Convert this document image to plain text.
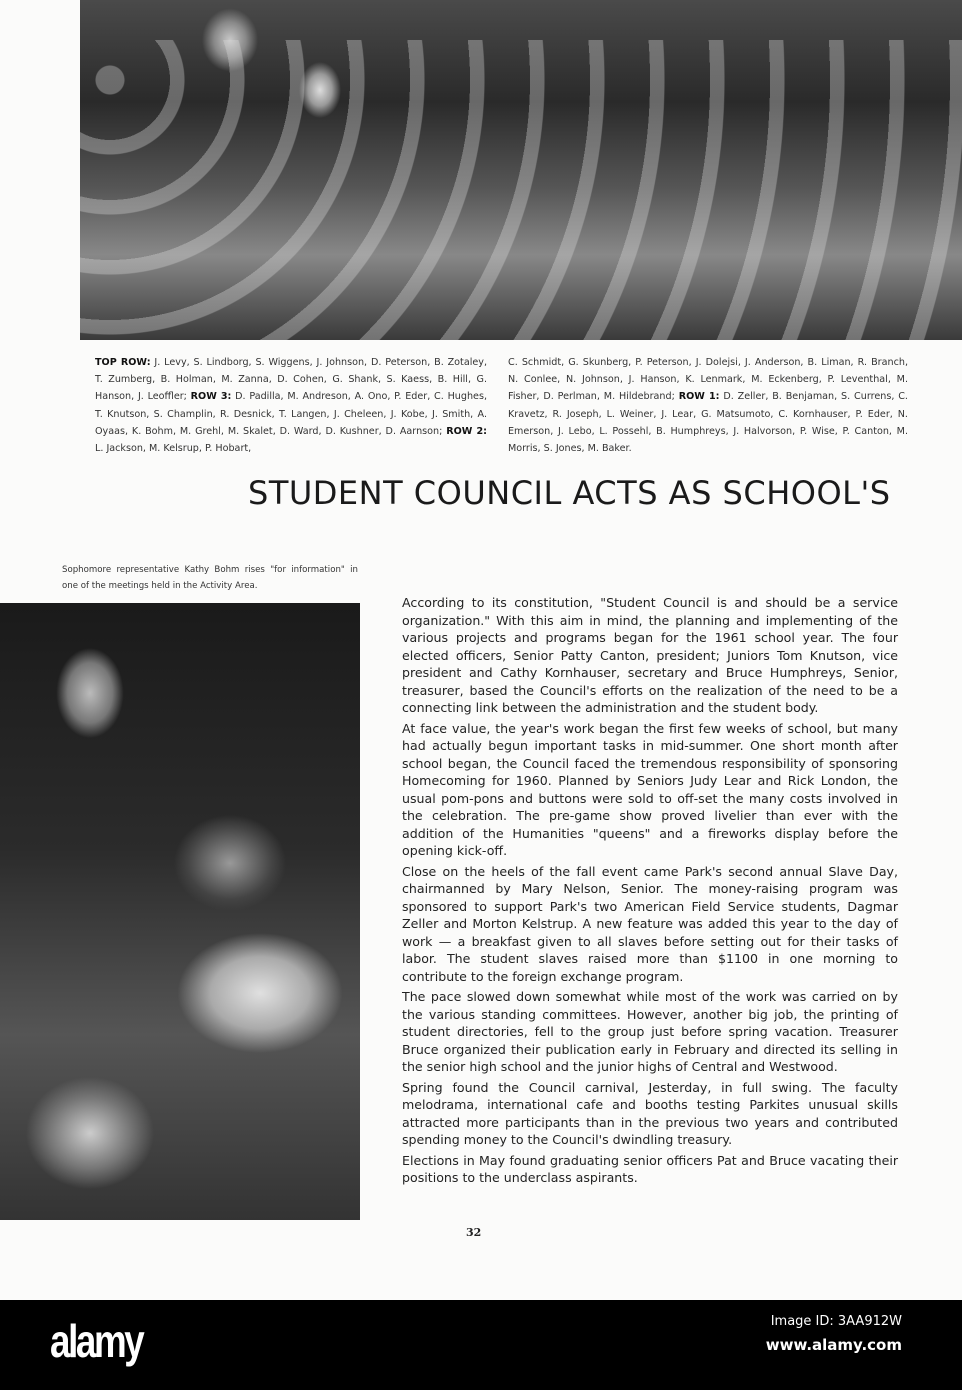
TOP ROW: J. Levy, S. Lindborg, S. Wiggens, J. Johnson, D. Peterson, B. Zotaley, T. Zumberg, B. Holman, M. Zanna, D. Cohen, G. Shank, S. Kaess, B. Hill, G. Hanson, J. Leoffler; ROW 3: D. Padilla, M. Andreson, A. Ono, P. Eder, C. Hughes, T. Knutson, S. Champlin, R. Desnick, T. Langen, J. Cheleen, J. Kobe, J. Smith, A. Oyaas, K. Bohm, M. Grehl, M. Skalet, D. Ward, D. Kushner, D. Aarnson; ROW 2: L. Jackson, M. Kelsrup, P. Hobart,
C. Schmidt, G. Skunberg, P. Peterson, J. Dolejsi, J. Anderson, B. Liman, R. Branch, N. Conlee, N. Johnson, J. Hanson, K. Lenmark, M. Eckenberg, P. Leventhal, M. Fisher, D. Perlman, M. Hildebrand; ROW 1: D. Zeller, B. Benjaman, S. Currens, C. Kravetz, R. Joseph, L. Weiner, J. Lear, G. Matsumoto, C. Kornhauser, P. Eder, N. Emerson, J. Lebo, L. Possehl, B. Humphreys, J. Halvorson, P. Wise, P. Canton, M. Morris, S. Jones, M. Baker.
STUDENT COUNCIL ACTS AS SCHOOL'S
Sophomore representative Kathy Bohm rises "for information" in one of the meetings held in the Activity Area.

According to its constitution, "Student Council is and should be a service organization." With this aim in mind, the planning and implementing of the various projects and programs began for the 1961 school year. The four elected officers, Senior Patty Canton, president; Juniors Tom Knutson, vice president and Cathy Kornhauser, secretary and Bruce Humphreys, Senior, treasurer, based the Council's efforts on the realization of the need to be a connecting link between the administration and the student body.

At face value, the year's work began the first few weeks of school, but many had actually begun important tasks in mid-summer. One short month after school began, the Council faced the tremendous responsibility of sponsoring Homecoming for 1960. Planned by Seniors Judy Lear and Rick London, the usual pom-pons and buttons were sold to off-set the many costs involved in the celebration. The pre-game show proved livelier than ever with the addition of the Humanities "queens" and a fireworks display before the opening kick-off.

Close on the heels of the fall event came Park's second annual Slave Day, chairmanned by Mary Nelson, Senior. The money-raising program was sponsored to support Park's two American Field Service students, Dagmar Zeller and Morton Kelstrup. A new feature was added this year to the day of work — a breakfast given to all slaves before setting out for their tasks of labor. The student slaves raised more than $1100 in one morning to contribute to the foreign exchange program.

The pace slowed down somewhat while most of the work was carried on by the various standing committees. However, another big job, the printing of student directories, fell to the group just before spring vacation. Treasurer Bruce organized their publication early in February and directed its selling in the senior high school and the junior highs of Central and Westwood.

Spring found the Council carnival, Jesterday, in full swing. The faculty melodrama, international cafe and booths testing Parkites unusual skills attracted more participants than in the previous two years and contributed spending money to the Council's dwindling treasury.

Elections in May found graduating senior officers Pat and Bruce vacating their positions to the underclass aspirants.

32
alamy	Image ID: 3AA912W
www.alamy.com
